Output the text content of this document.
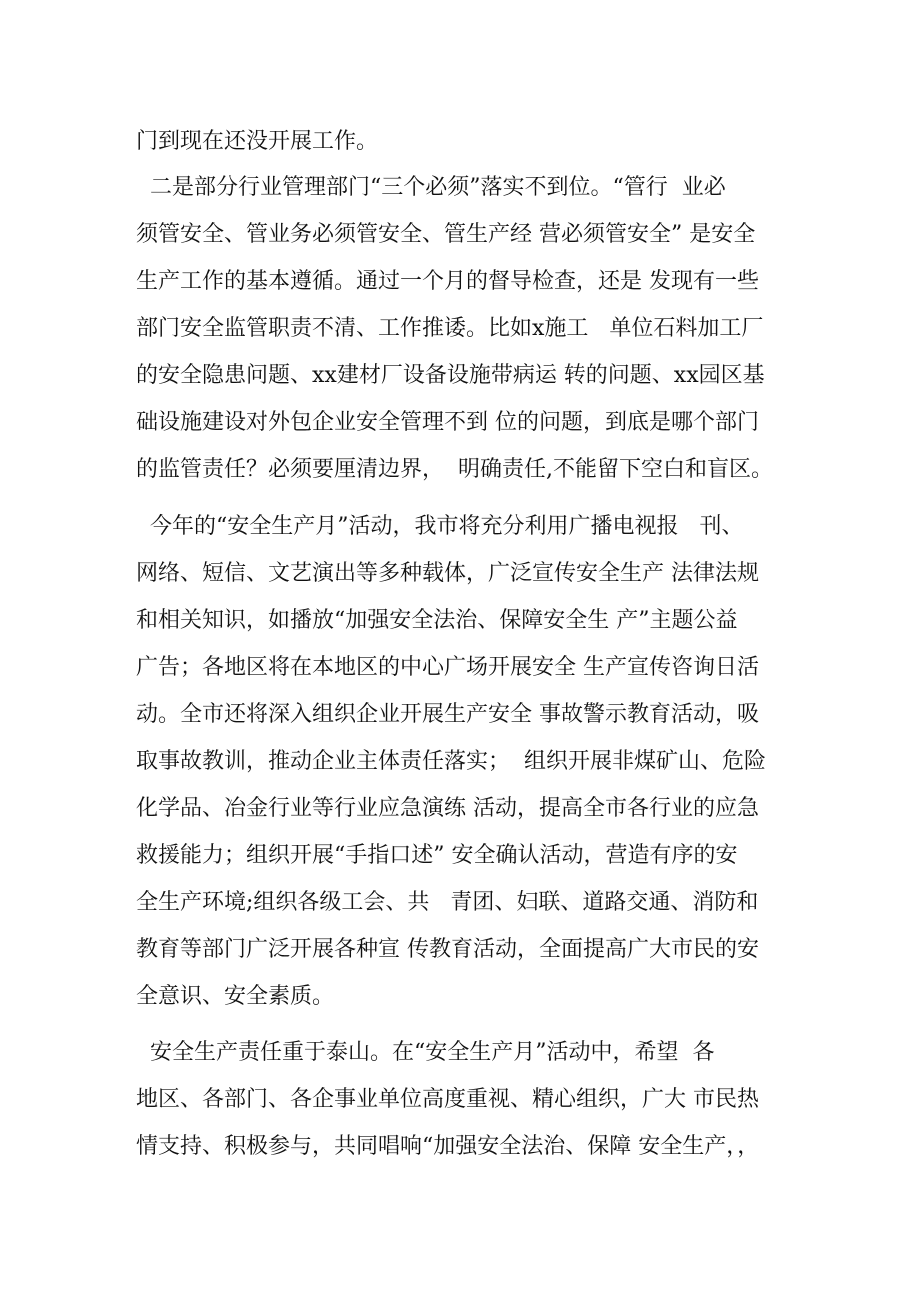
门到现在还没开展工作。
二是部分行业管理部门“三个必须”落实不到位。“管行  业必
须管安全、管业务必须管安全、管生产经 营必须管安全” 是安全
生产工作的基本遵循。通过一个月的督导检查，还是 发现有一些
部门安全监管职责不清、工作推诿。比如x施工   单位石料加工厂
的安全隐患问题、xx建材厂设备设施带病运 转的问题、xx园区基
础设施建设对外包企业安全管理不到 位的问题，到底是哪个部门
的监管责任？必须要厘清边界，  明确责任,不能留下空白和盲区。
今年的“安全生产月”活动，我市将充分利用广播电视报   刊、
网络、短信、文艺演出等多种载体，广泛宣传安全生产 法律法规
和相关知识，如播放“加强安全法治、保障安全生 产”主题公益
广告；各地区将在本地区的中心广场开展安全 生产宣传咨询日活
动。全市还将深入组织企业开展生产安全 事故警示教育活动，吸
取事故教训，推动企业主体责任落实；  组织开展非煤矿山、危险
化学品、冶金行业等行业应急演练 活动，提高全市各行业的应急
救援能力；组织开展“手指口述” 安全确认活动，营造有序的安
全生产环境;组织各级工会、共   青团、妇联、道路交通、消防和
教育等部门广泛开展各种宣 传教育活动，全面提高广大市民的安
全意识、安全素质。
安全生产责任重于泰山。在“安全生产月”活动中，希望  各
地区、各部门、各企事业单位高度重视、精心组织，广大 市民热
情支持、积极参与，共同唱响“加强安全法治、保障 安全生产，，
